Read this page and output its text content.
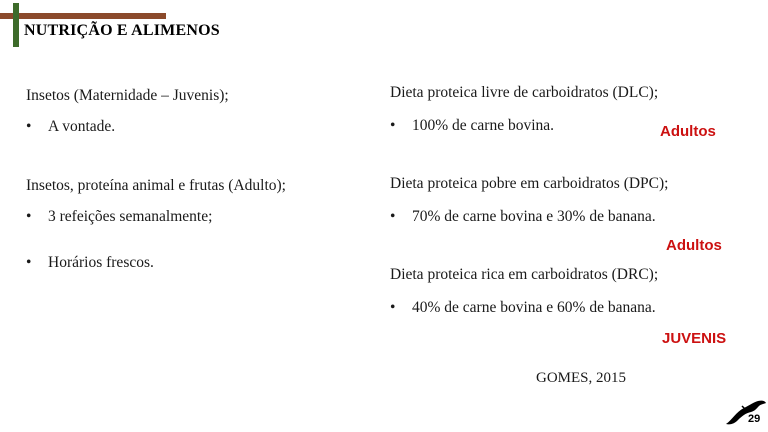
NUTRIÇÃO E ALIMENOS
Insetos (Maternidade – Juvenis);
• A vontade.
Insetos, proteína animal e frutas (Adulto);
• 3 refeições semanalmente;
• Horários frescos.
Dieta proteica livre de carboidratos (DLC);
• 100% de carne bovina.	Adultos
Dieta proteica pobre em carboidratos (DPC);
• 70% de carne bovina e 30% de banana.
Adultos
Dieta proteica rica em carboidratos (DRC);
• 40% de carne bovina e 60% de banana.
JUVENIS
GOMES, 2015
29
